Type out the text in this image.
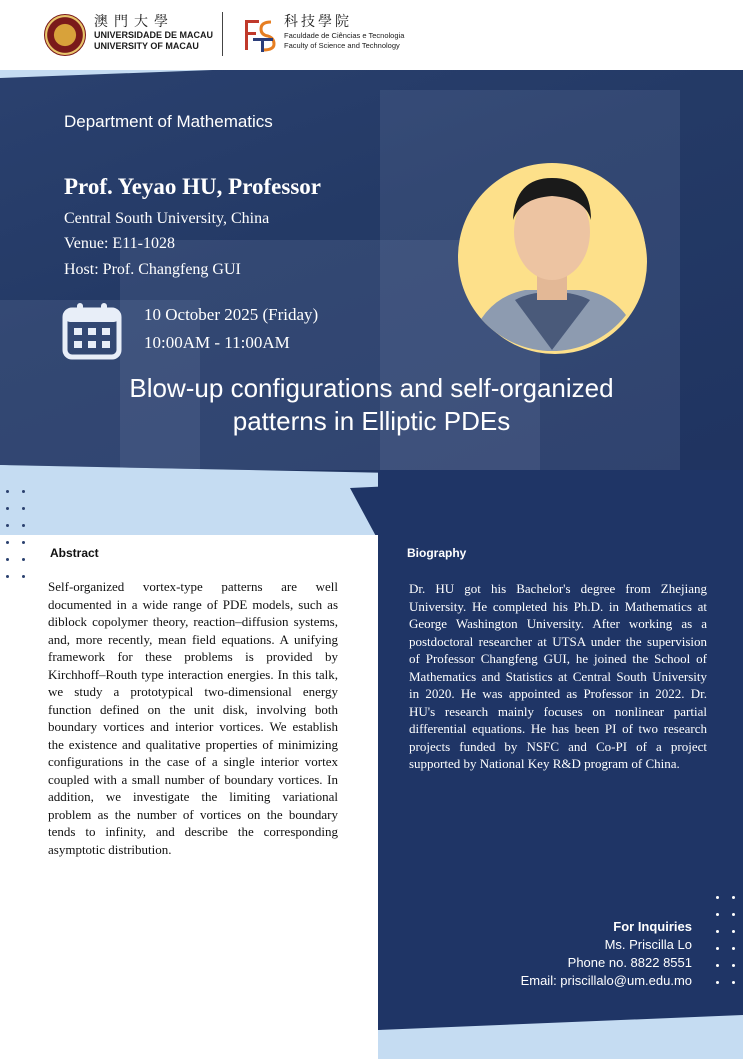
澳門大學
UNIVERSIDADE DE MACAU
UNIVERSITY OF MACAU
科技學院
Faculdade de Ciências e Tecnologia
Faculty of Science and Technology
Department of Mathematics
Prof. Yeyao HU, Professor
Central South University, China
Venue: E11-1028
Host: Prof. Changfeng GUI
10 October 2025 (Friday)
10:00AM - 11:00AM
Blow-up configurations and self-organized
patterns in Elliptic PDEs
Abstract
Self-organized vortex-type patterns are well documented in a wide range of PDE models, such as diblock copolymer theory, reaction–diffusion systems, and, more recently, mean field equations. A unifying framework for these problems is provided by Kirchhoff–Routh type interaction energies. In this talk, we study a prototypical two-dimensional energy function defined on the unit disk, involving both boundary vortices and interior vortices. We establish the existence and qualitative properties of minimizing configurations in the case of a single interior vortex coupled with a small number of boundary vortices. In addition, we investigate the limiting variational problem as the number of vortices on the boundary tends to infinity, and describe the corresponding asymptotic distribution.
Biography
Dr. HU got his Bachelor's degree from Zhejiang University. He completed his Ph.D. in Mathematics at George Washington University. After working as a postdoctoral researcher at UTSA under the supervision of Professor Changfeng GUI, he joined the School of Mathematics and Statistics at Central South University in 2020. He was appointed as Professor in 2022. Dr. HU's research mainly focuses on nonlinear partial differential equations. He has been PI of two research projects funded by NSFC and Co-PI of a project supported by National Key R&D program of China.
For Inquiries
Ms. Priscilla Lo
Phone no. 8822 8551
Email: priscillalo@um.edu.mo
